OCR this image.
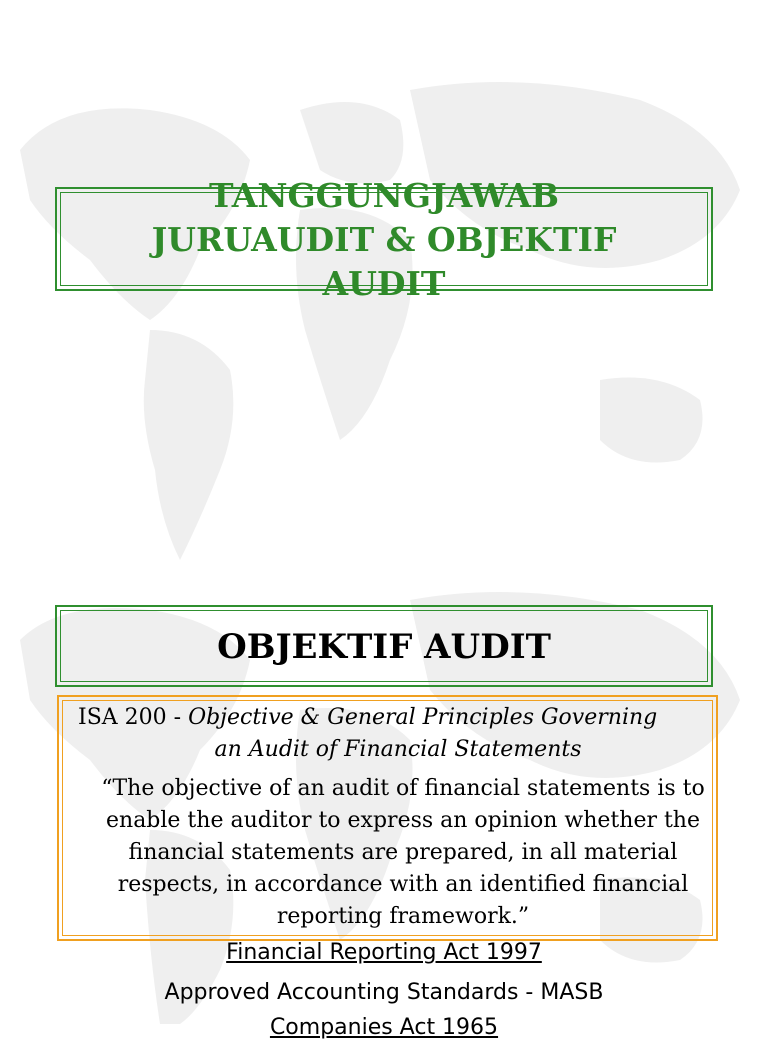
TANGGUNGJAWAB
JURUAUDIT & OBJEKTIF
AUDIT
OBJEKTIF AUDIT
ISA 200 - Objective & General Principles Governing
an Audit of Financial Statements
“The objective of an audit of financial statements is to enable the auditor to express an opinion whether the financial statements are prepared, in all material respects, in accordance with an identified financial reporting framework.”
Financial Reporting Act 1997
Approved Accounting Standards - MASB
Companies Act 1965
